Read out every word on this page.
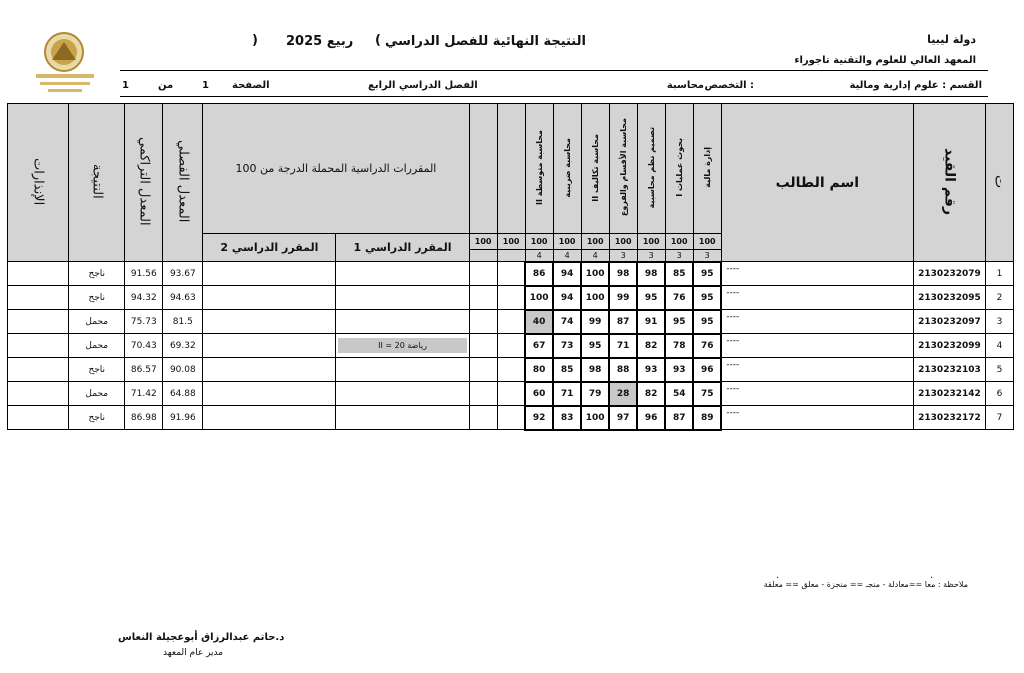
دولة ليبيا
المعهد العالي للعلوم والتقنية تاجوراء
النتيجة النهائية للفصل الدراسي
(
ربيع 2025
)
القسم : علوم إدارية ومالية
التخصص :
محاسبة
الفصل الدراسي الرابع
الصفحة
1
من
1
ت	رقم القيد	اسم الطالب	إدارة مالية	بحوث عمليات I	تصميم نظم محاسبية	محاسبة الأقسام والفروع	محاسبة تكاليف II	محاسبة ضريبية	محاسبة متوسطة II			المقررات الدراسية المحملة الدرجة من 100		المعدل الفصلي	المعدل التراكمي	النتيجة	الإنذارات
			100	100	100	100	100	100	100	100	100	المقرر الدراسي 1	المقرر الدراسي 2				
			3	3	3	3	4	4	4								
1	2130232079	----	95	85	98	98	100	94	86					93.67	91.56	ناجح	
2	2130232095	----	95	76	95	99	100	94	100					94.63	94.32	ناجح	
3	2130232097	----	95	95	91	87	99	74	40					81.5	75.73	محمل	
4	2130232099	----	76	78	82	71	95	73	67			رياضة II = 20		69.32	70.43	محمل	
5	2130232103	----	96	93	93	88	98	85	80					90.08	86.57	ناجح	
6	2130232142	----	75	54	82	28	79	71	60					64.88	71.42	محمل	
7	2130232172	----	89	87	96	97	100	83	92					91.96	86.98	ناجح	
.	.
ملاحظة : معا ==معادلة - منجـ == منجزة - معلق == معلقة
د.حاتم عبدالرزاق أبوعجيلة النعاس
مدير عام المعهد
